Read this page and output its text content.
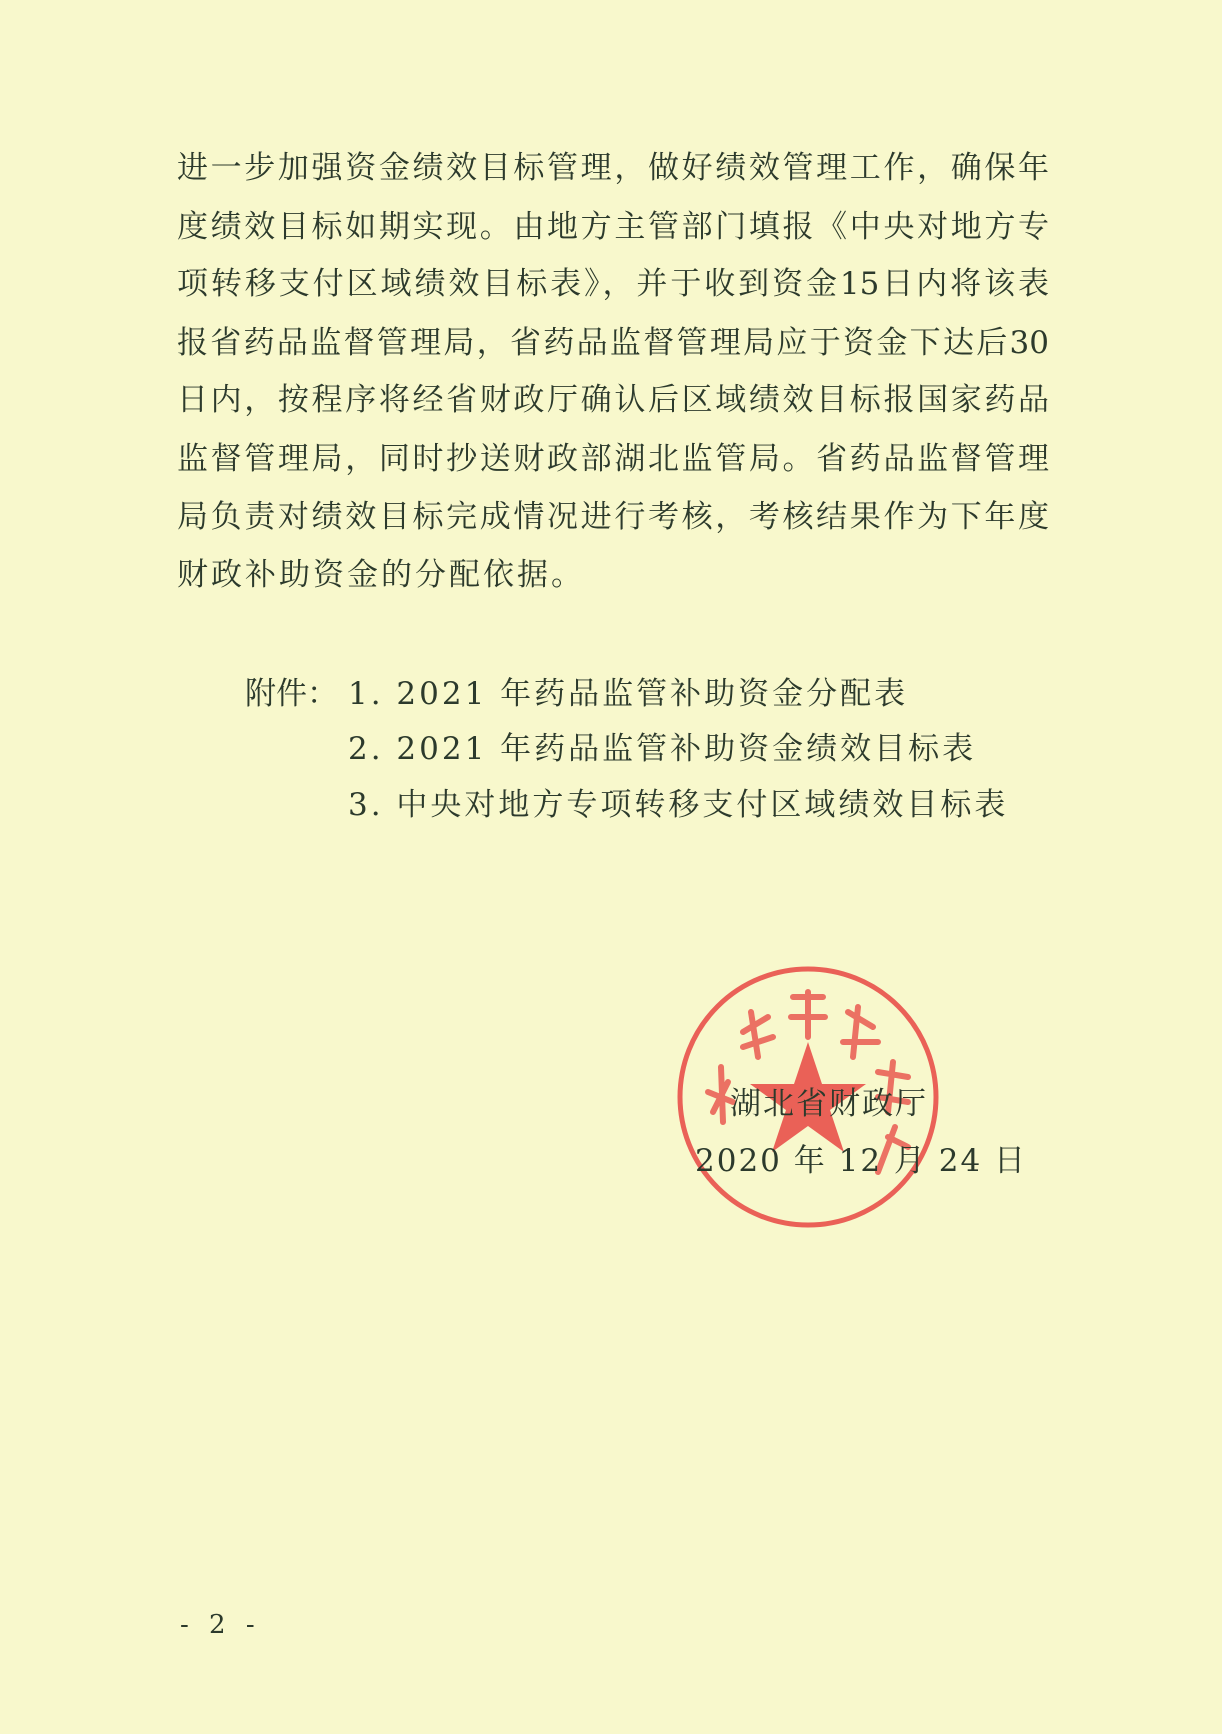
进一步加强资金绩效目标管理，做好绩效管理工作，确保年
度绩效目标如期实现。由地方主管部门填报《中央对地方专
项转移支付区域绩效目标表》，并于收到资金15日内将该表
报省药品监督管理局，省药品监督管理局应于资金下达后30
日内，按程序将经省财政厅确认后区域绩效目标报国家药品
监督管理局，同时抄送财政部湖北监管局。省药品监督管理
局负责对绩效目标完成情况进行考核，考核结果作为下年度
财政补助资金的分配依据。
附件： 1. 2021 年药品监管补助资金分配表
2. 2021 年药品监管补助资金绩效目标表
3. 中央对地方专项转移支付区域绩效目标表
湖北省财政厅
2020 年 12 月 24 日
- 2 -
